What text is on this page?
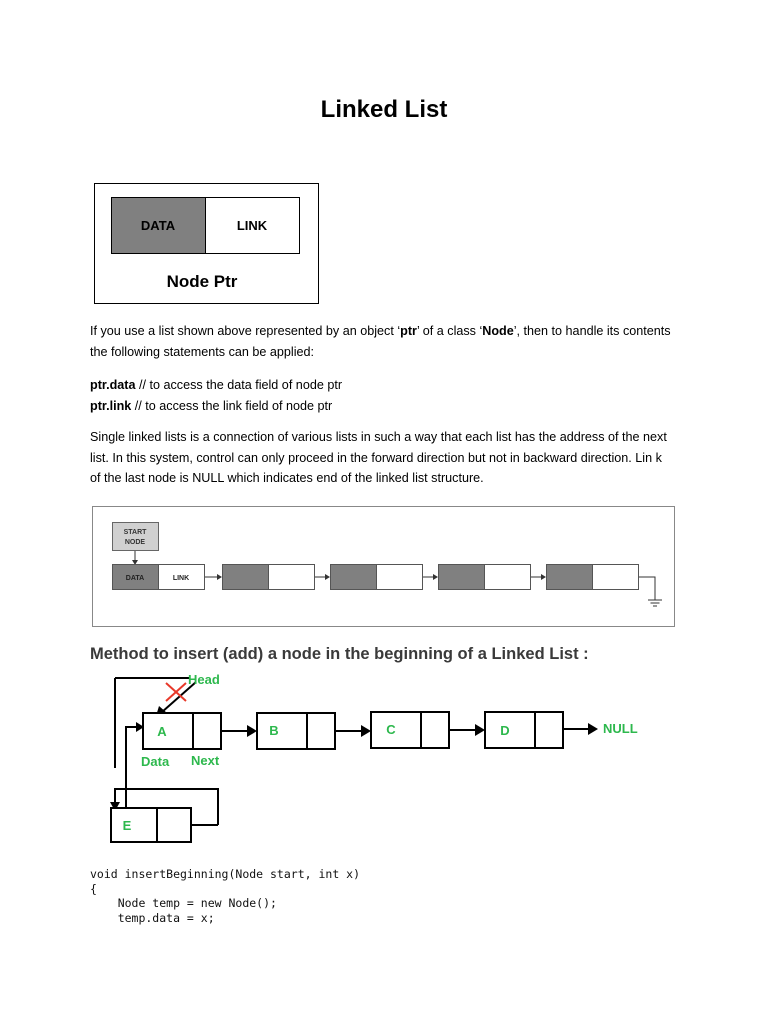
Linked List
DATA	LINK
Node Ptr
If you use a list shown above represented by an object ‘ptr’ of a class ‘Node’, then to handle its contents
the following statements can be applied:
ptr.data // to access the data field of node ptr
ptr.link // to access the link field of node ptr
Single linked lists is a connection of various lists in such a way that each list has the address of the next
list. In this system, control can only proceed in the forward direction but not in backward direction. Lin k
of the last node is NULL which indicates end of the linked list structure.
START
NODE
DATA	LINK
Method to insert (add) a node in the beginning of a Linked List :
Head
A	B	C	D	NULL
Data Next
E
void insertBeginning(Node start, int x)
{
Node temp = new Node();
temp.data = x;
